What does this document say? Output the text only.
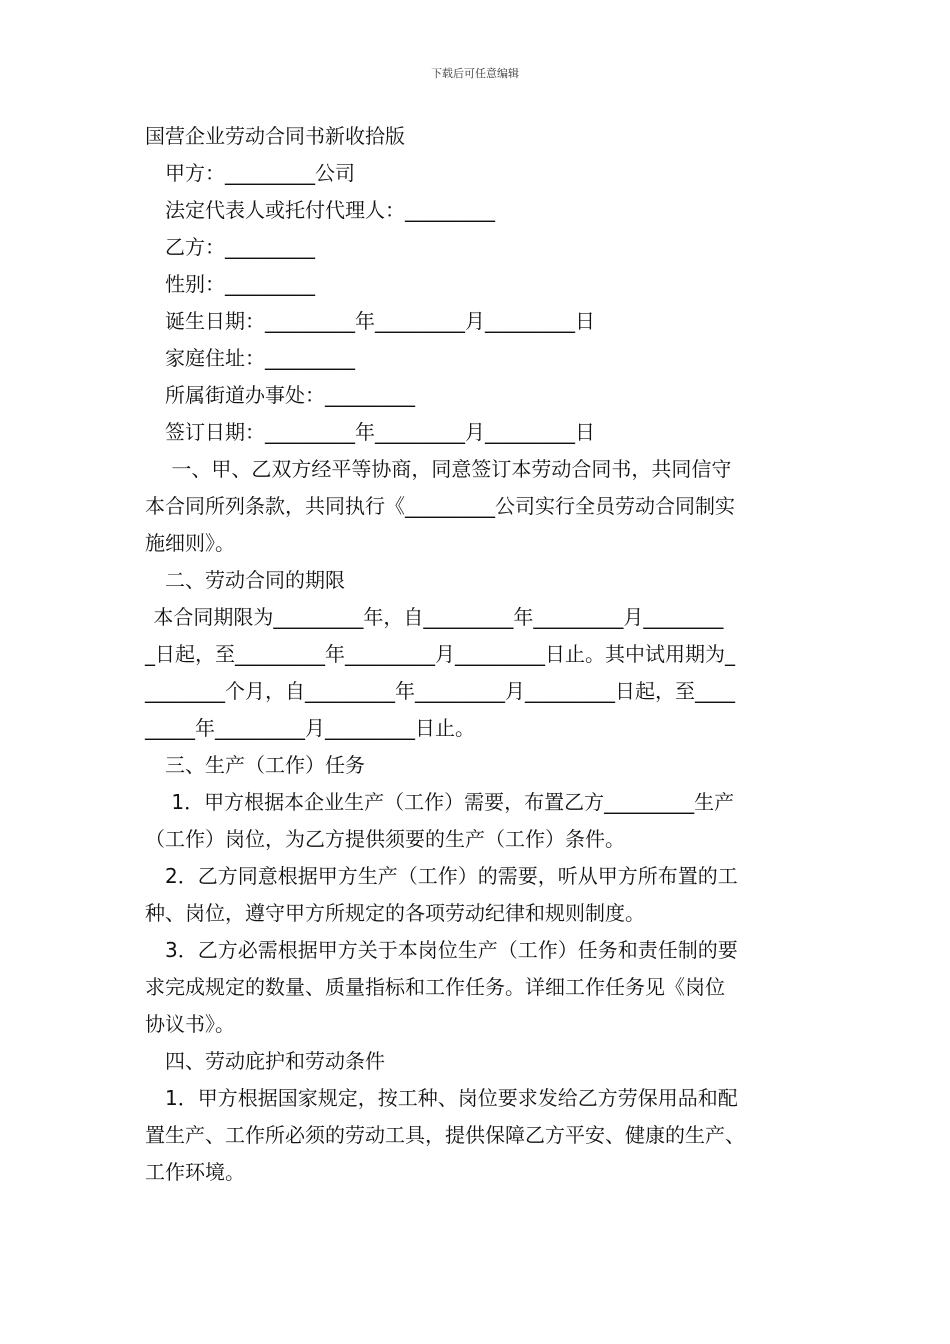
下载后可任意编辑

国营企业劳动合同书新收拾版

甲方：_________公司

法定代表人或托付代理人：_________

乙方：_________

性别：_________

诞生日期：_________年_________月_________日

家庭住址：_________

所属街道办事处：_________

签订日期：_________年_________月_________日

一、甲、乙双方经平等协商，同意签订本劳动合同书，共同信守

本合同所列条款，共同执行《_________公司实行全员劳动合同制实

施细则》。

二、劳动合同的期限

本合同期限为_________年，自_________年_________月________

_日起，至_________年_________月_________日止。其中试用期为_

________个月，自_________年_________月_________日起，至____

_____年_________月_________日止。

三、生产（工作）任务

1．甲方根据本企业生产（工作）需要，布置乙方_________生产

（工作）岗位，为乙方提供须要的生产（工作）条件。

2．乙方同意根据甲方生产（工作）的需要，听从甲方所布置的工

种、岗位，遵守甲方所规定的各项劳动纪律和规则制度。

3．乙方必需根据甲方关于本岗位生产（工作）任务和责任制的要

求完成规定的数量、质量指标和工作任务。详细工作任务见《岗位

协议书》。

四、劳动庇护和劳动条件

1．甲方根据国家规定，按工种、岗位要求发给乙方劳保用品和配

置生产、工作所必须的劳动工具，提供保障乙方平安、健康的生产、

工作环境。
